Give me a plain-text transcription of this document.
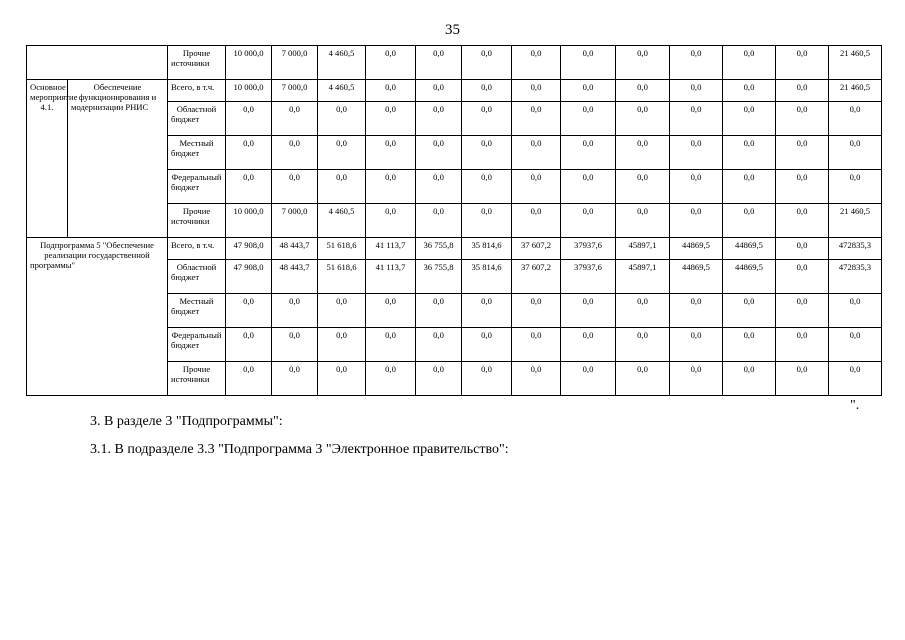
35
		Прочие источники	10 000,0	7 000,0	4 460,5	0,0	0,0	0,0	0,0	0,0	0,0	0,0	0,0	0,0	21 460,5
Основное мероприятие 4.1.	Обеспечение функционирования и модернизации РНИС	Всего, в т.ч.	10 000,0	7 000,0	4 460,5	0,0	0,0	0,0	0,0	0,0	0,0	0,0	0,0	0,0	21 460,5
		Областной бюджет	0,0	0,0	0,0	0,0	0,0	0,0	0,0	0,0	0,0	0,0	0,0	0,0	0,0
		Местный бюджет	0,0	0,0	0,0	0,0	0,0	0,0	0,0	0,0	0,0	0,0	0,0	0,0	0,0
		Федеральный бюджет	0,0	0,0	0,0	0,0	0,0	0,0	0,0	0,0	0,0	0,0	0,0	0,0	0,0
		Прочие источники	10 000,0	7 000,0	4 460,5	0,0	0,0	0,0	0,0	0,0	0,0	0,0	0,0	0,0	21 460,5
Подпрограмма 5 "Обеспечение реализации государственной программы"		Всего, в т.ч.	47 908,0	48 443,7	51 618,6	41 113,7	36 755,8	35 814,6	37 607,2	37937,6	45897,1	44869,5	44869,5	0,0	472835,3
		Областной бюджет	47 908,0	48 443,7	51 618,6	41 113,7	36 755,8	35 814,6	37 607,2	37937,6	45897,1	44869,5	44869,5	0,0	472835,3
		Местный бюджет	0,0	0,0	0,0	0,0	0,0	0,0	0,0	0,0	0,0	0,0	0,0	0,0	0,0
		Федеральный бюджет	0,0	0,0	0,0	0,0	0,0	0,0	0,0	0,0	0,0	0,0	0,0	0,0	0,0
		Прочие источники	0,0	0,0	0,0	0,0	0,0	0,0	0,0	0,0	0,0	0,0	0,0	0,0	0,0
".
3. В разделе 3 "Подпрограммы":
3.1. В подразделе 3.3 "Подпрограмма 3 "Электронное правительство":
